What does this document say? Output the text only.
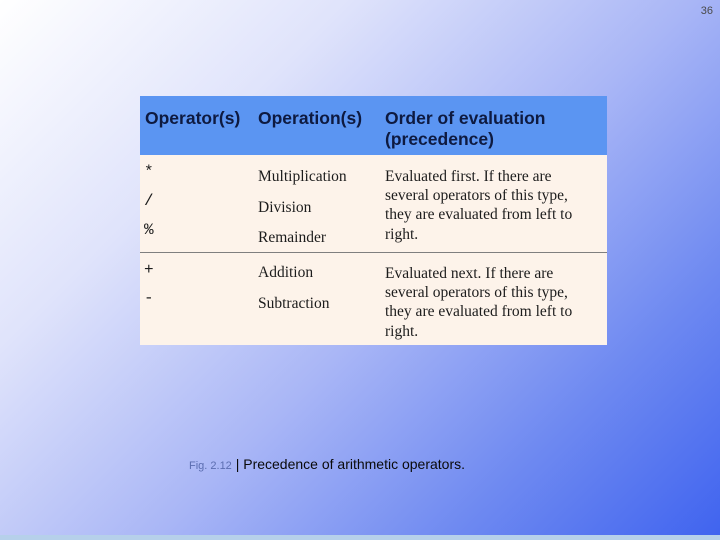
36
Operator(s) Operation(s) Order of evaluation
(precedence)
*
/
%
Multiplication
Division
Remainder
Evaluated first. If there are
several operators of this type,
they are evaluated from left to
right.
+
-
Addition
Subtraction
Evaluated next. If there are
several operators of this type,
they are evaluated from left to
right.
Fig. 2.12 | Precedence of arithmetic operators.
